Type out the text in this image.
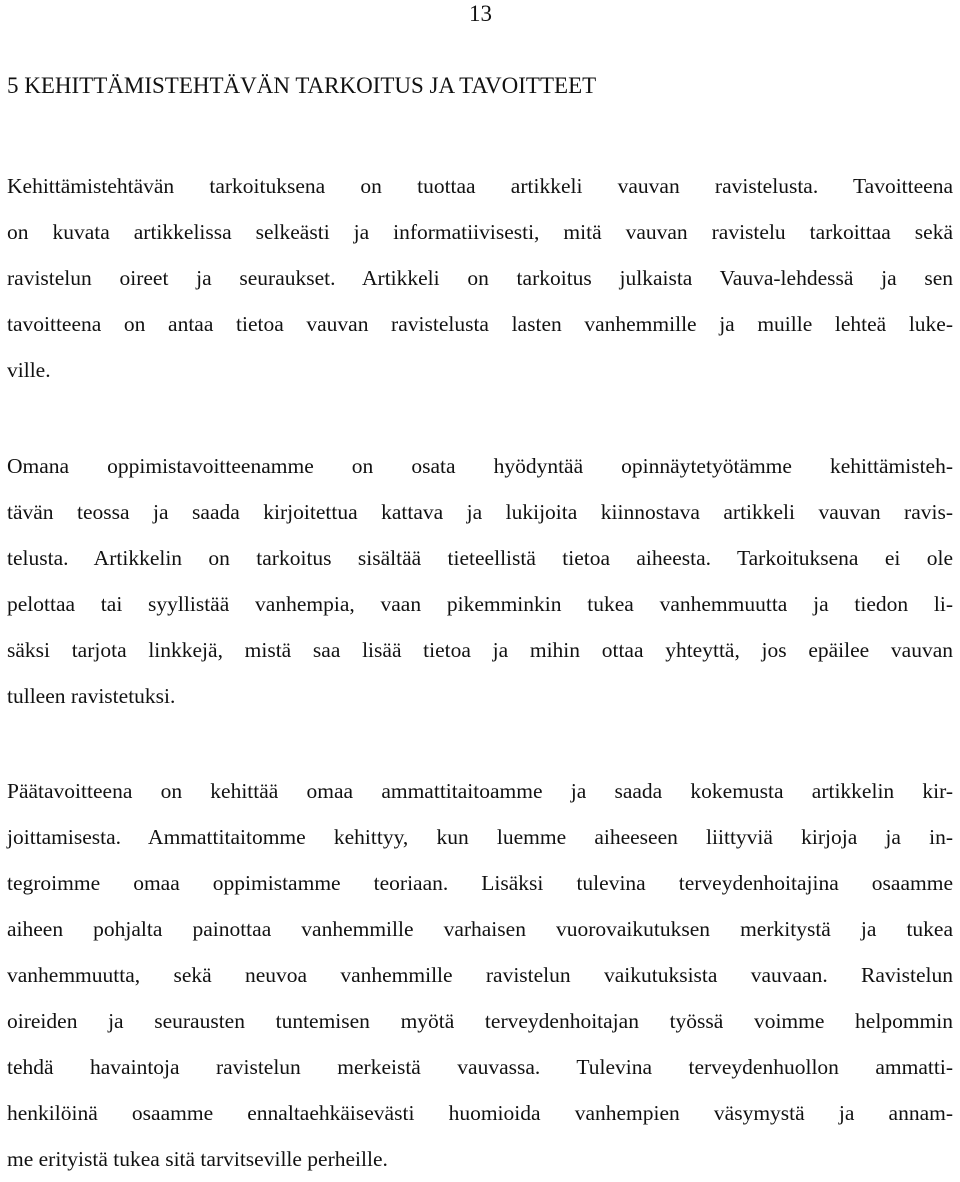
13
5 KEHITTÄMISTEHTÄVÄN TARKOITUS JA TAVOITTEET
Kehittämistehtävän tarkoituksena on tuottaa artikkeli vauvan ravistelusta. Tavoitteena
on kuvata artikkelissa selkeästi ja informatiivisesti, mitä vauvan ravistelu tarkoittaa sekä
ravistelun oireet ja seuraukset. Artikkeli on tarkoitus julkaista Vauva-lehdessä ja sen
tavoitteena on antaa tietoa vauvan ravistelusta lasten vanhemmille ja muille lehteä luke-
ville.
Omana oppimistavoitteenamme on osata hyödyntää opinnäytetyötämme kehittämisteh-
tävän teossa ja saada kirjoitettua kattava ja lukijoita kiinnostava artikkeli vauvan ravis-
telusta. Artikkelin on tarkoitus sisältää tieteellistä tietoa aiheesta. Tarkoituksena ei ole
pelottaa tai syyllistää vanhempia, vaan pikemminkin tukea vanhemmuutta ja tiedon li-
säksi tarjota linkkejä, mistä saa lisää tietoa ja mihin ottaa yhteyttä, jos epäilee vauvan
tulleen ravistetuksi.
Päätavoitteena on kehittää omaa ammattitaitoamme ja saada kokemusta artikkelin kir-
joittamisesta. Ammattitaitomme kehittyy, kun luemme aiheeseen liittyviä kirjoja ja in-
tegroimme omaa oppimistamme teoriaan. Lisäksi tulevina terveydenhoitajina osaamme
aiheen pohjalta painottaa vanhemmille varhaisen vuorovaikutuksen merkitystä ja tukea
vanhemmuutta, sekä neuvoa vanhemmille ravistelun vaikutuksista vauvaan. Ravistelun
oireiden ja seurausten tuntemisen myötä terveydenhoitajan työssä voimme helpommin
tehdä havaintoja ravistelun merkeistä vauvassa. Tulevina terveydenhuollon ammatti-
henkilöinä osaamme ennaltaehkäisevästi huomioida vanhempien väsymystä ja annam-
me erityistä tukea sitä tarvitseville perheille.
